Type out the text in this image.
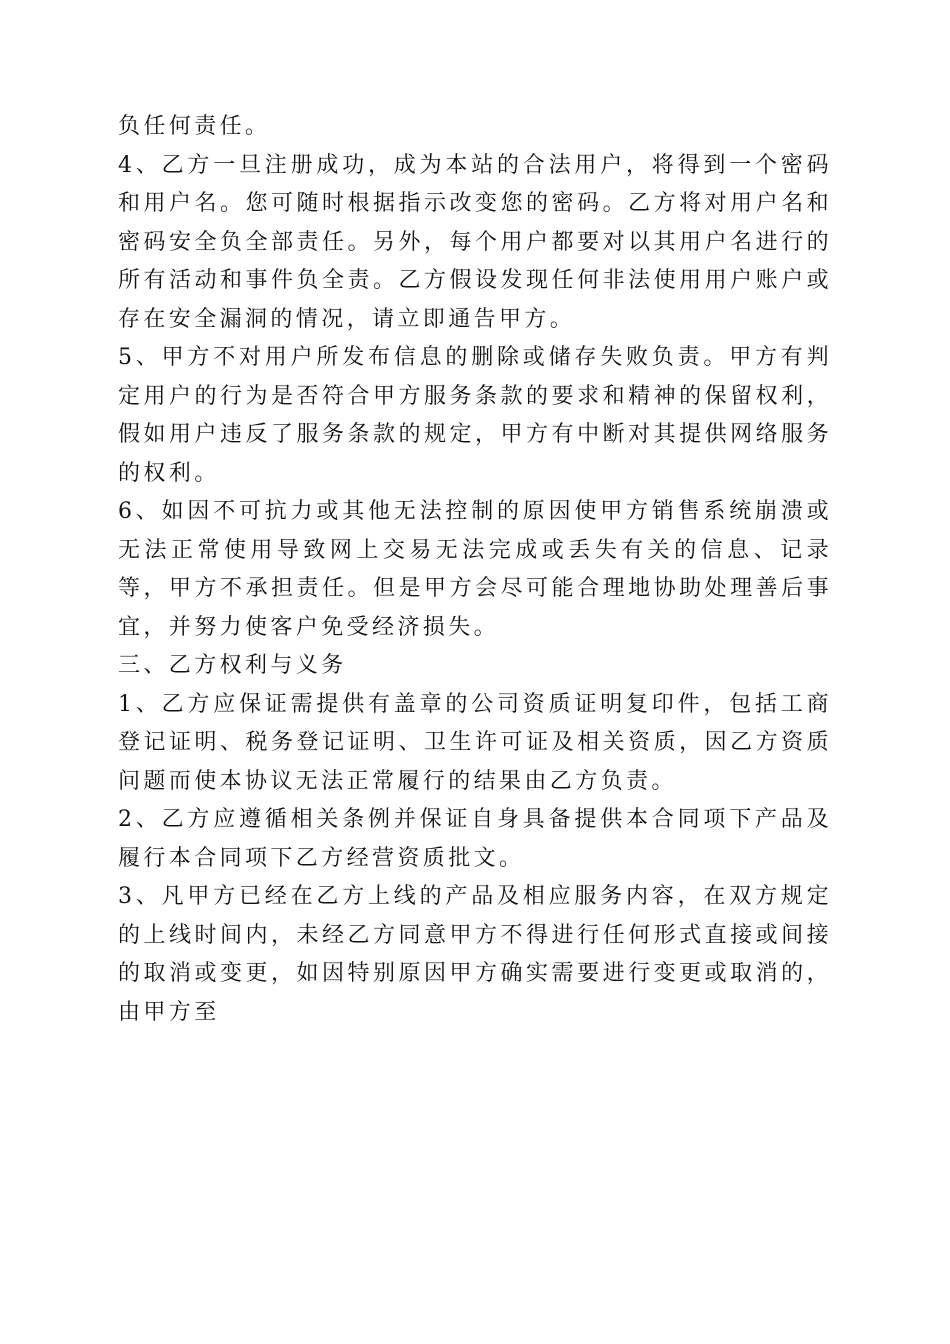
负任何责任。

4、乙方一旦注册成功，成为本站的合法用户，将得到一个密码和用户名。您可随时根据指示改变您的密码。乙方将对用户名和密码安全负全部责任。另外，每个用户都要对以其用户名进行的所有活动和事件负全责。乙方假设发现任何非法使用用户账户或存在安全漏洞的情况，请立即通告甲方。

5、甲方不对用户所发布信息的删除或储存失败负责。甲方有判定用户的行为是否符合甲方服务条款的要求和精神的保留权利，假如用户违反了服务条款的规定，甲方有中断对其提供网络服务的权利。

6、如因不可抗力或其他无法控制的原因使甲方销售系统崩溃或无法正常使用导致网上交易无法完成或丢失有关的信息、记录等，甲方不承担责任。但是甲方会尽可能合理地协助处理善后事宜，并努力使客户免受经济损失。

三、乙方权利与义务

1、乙方应保证需提供有盖章的公司资质证明复印件，包括工商登记证明、税务登记证明、卫生许可证及相关资质，因乙方资质问题而使本协议无法正常履行的结果由乙方负责。

2、乙方应遵循相关条例并保证自身具备提供本合同项下产品及履行本合同项下乙方经营资质批文。

3、凡甲方已经在乙方上线的产品及相应服务内容，在双方规定的上线时间内，未经乙方同意甲方不得进行任何形式直接或间接的取消或变更，如因特别原因甲方确实需要进行变更或取消的，由甲方至
